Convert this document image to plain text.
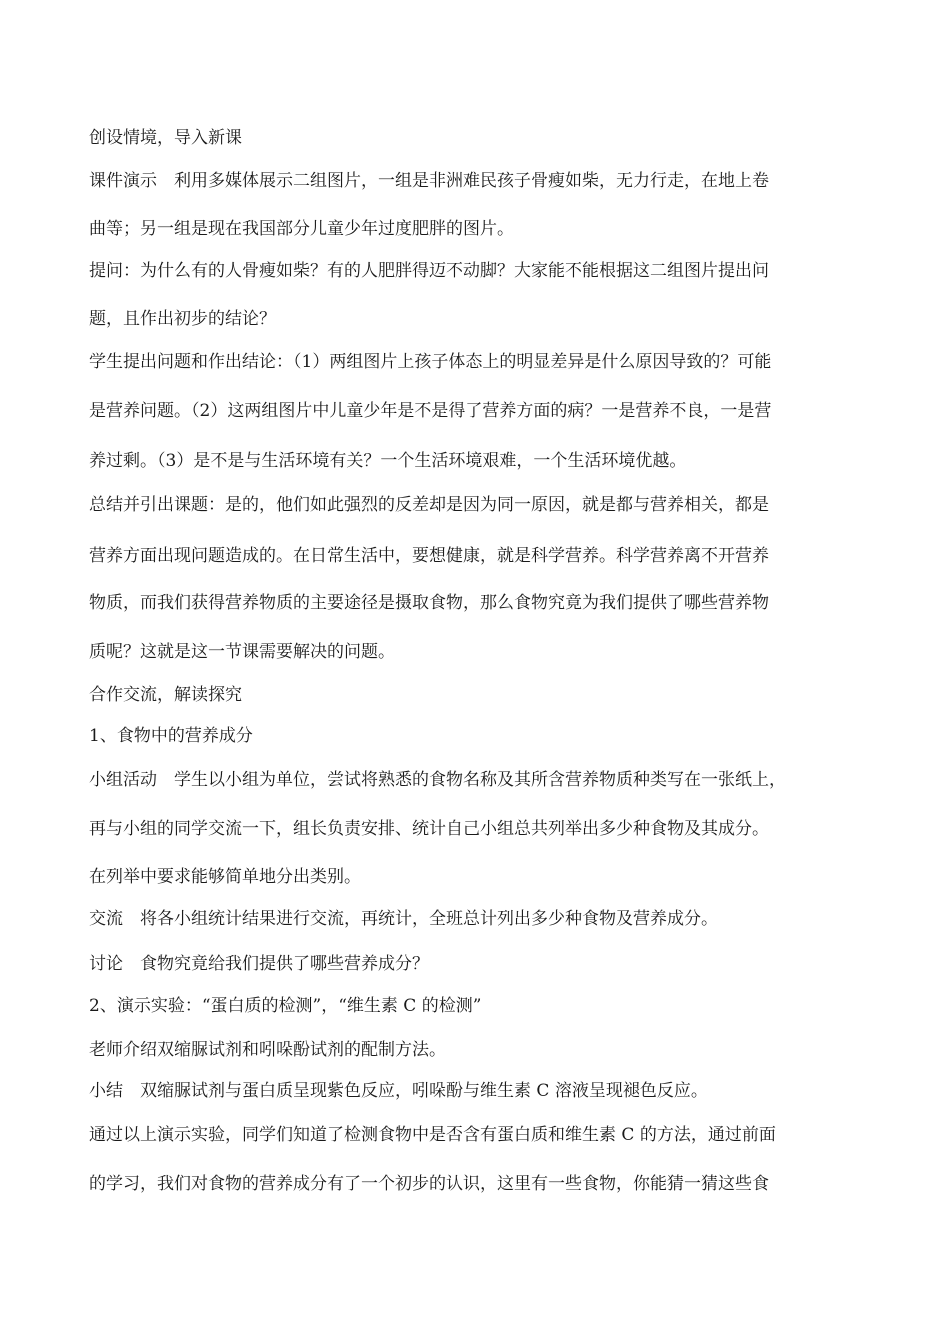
创设情境，导入新课
课件演示　利用多媒体展示二组图片，一组是非洲难民孩子骨瘦如柴，无力行走，在地上卷
曲等；另一组是现在我国部分儿童少年过度肥胖的图片。
提问：为什么有的人骨瘦如柴？有的人肥胖得迈不动脚？大家能不能根据这二组图片提出问
题，且作出初步的结论？
学生提出问题和作出结论：（1）两组图片上孩子体态上的明显差异是什么原因导致的？可能
是营养问题。（2）这两组图片中儿童少年是不是得了营养方面的病？一是营养不良，一是营
养过剩。（3）是不是与生活环境有关？一个生活环境艰难，一个生活环境优越。
总结并引出课题：是的，他们如此强烈的反差却是因为同一原因，就是都与营养相关，都是
营养方面出现问题造成的。在日常生活中，要想健康，就是科学营养。科学营养离不开营养
物质，而我们获得营养物质的主要途径是摄取食物，那么食物究竟为我们提供了哪些营养物
质呢？这就是这一节课需要解决的问题。
合作交流，解读探究
1、食物中的营养成分
小组活动　学生以小组为单位，尝试将熟悉的食物名称及其所含营养物质种类写在一张纸上，
再与小组的同学交流一下，组长负责安排、统计自己小组总共列举出多少种食物及其成分。
在列举中要求能够简单地分出类别。
交流　将各小组统计结果进行交流，再统计，全班总计列出多少种食物及营养成分。
讨论　食物究竟给我们提供了哪些营养成分？
2、演示实验：“蛋白质的检测”，“维生素 C 的检测”
老师介绍双缩脲试剂和吲哚酚试剂的配制方法。
小结　双缩脲试剂与蛋白质呈现紫色反应，吲哚酚与维生素 C 溶液呈现褪色反应。
通过以上演示实验，同学们知道了检测食物中是否含有蛋白质和维生素 C 的方法，通过前面
的学习，我们对食物的营养成分有了一个初步的认识，这里有一些食物，你能猜一猜这些食
